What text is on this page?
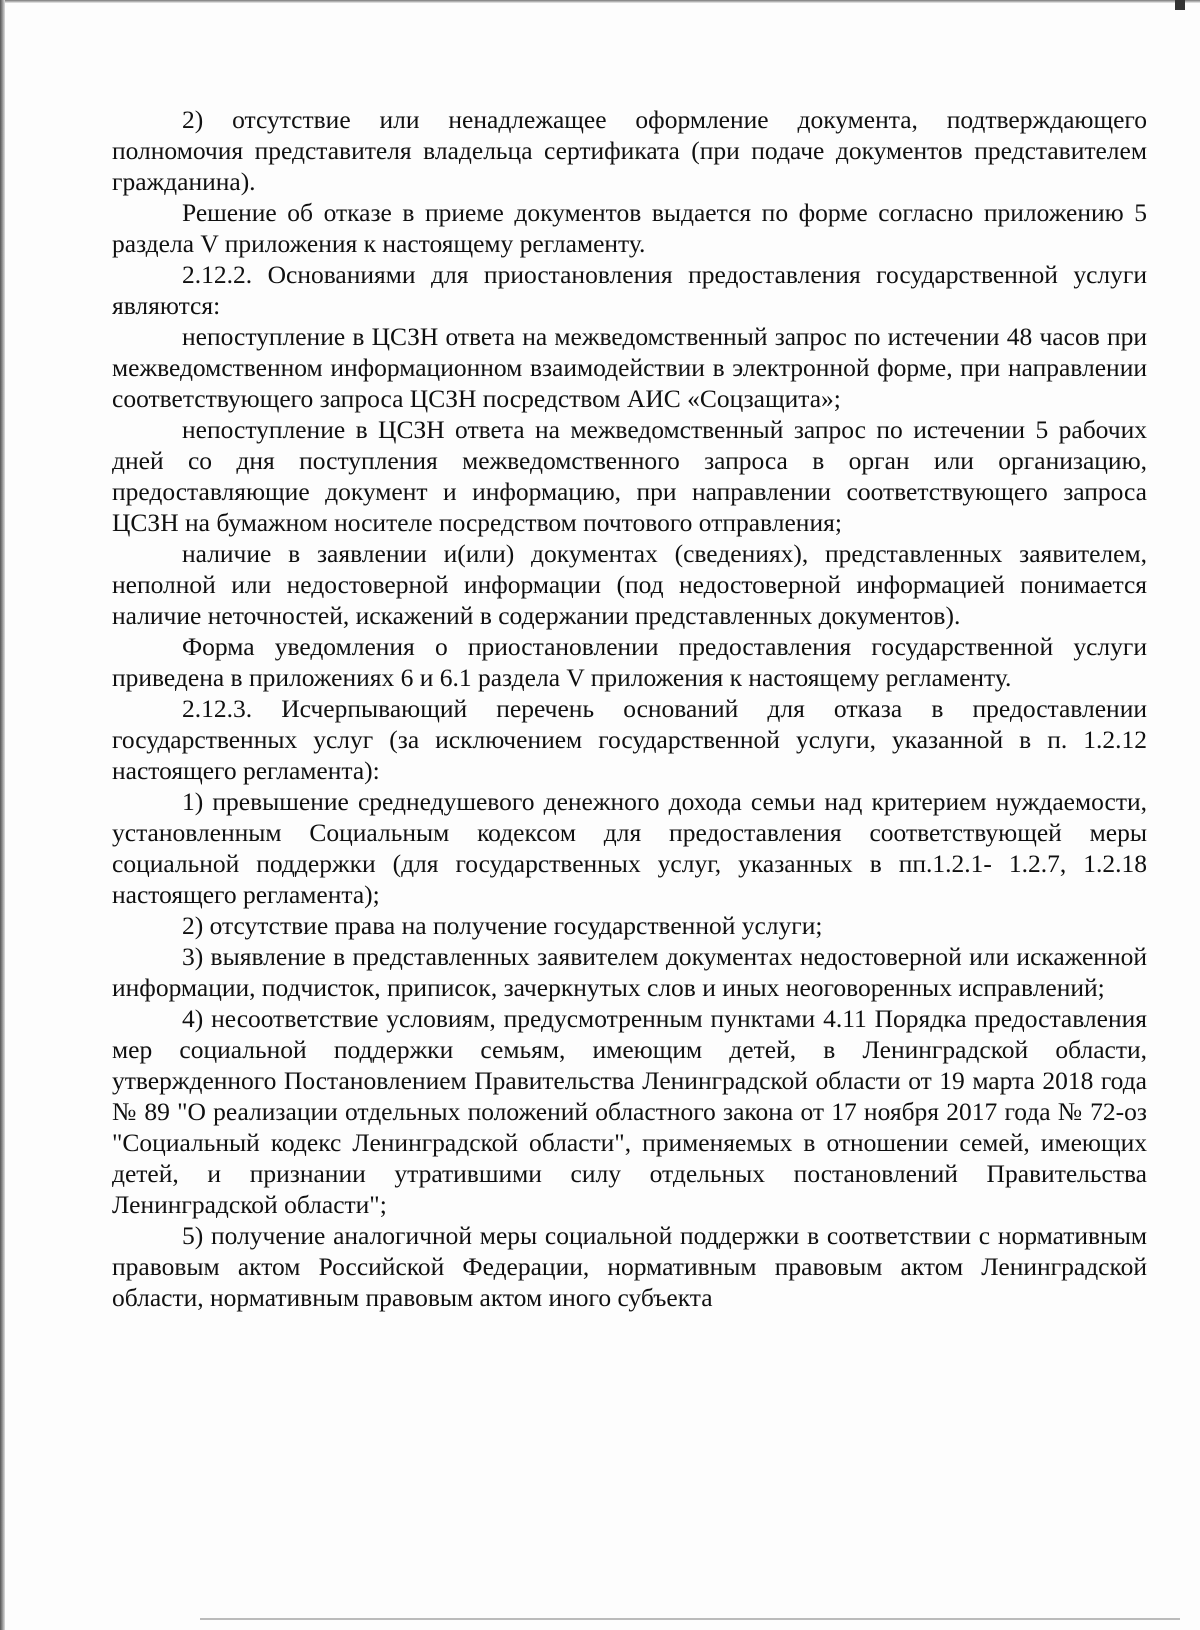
2) отсутствие или ненадлежащее оформление документа, подтверждающего полномочия представителя владельца сертификата (при подаче документов представителем гражданина).

Решение об отказе в приеме документов выдается по форме согласно приложению 5 раздела V приложения к настоящему регламенту.

2.12.2. Основаниями для приостановления предоставления государственной услуги являются:

непоступление в ЦСЗН ответа на межведомственный запрос по истечении 48 часов при межведомственном информационном взаимодействии в электронной форме, при направлении соответствующего запроса ЦСЗН посредством АИС «Соцзащита»;

непоступление в ЦСЗН ответа на межведомственный запрос по истечении 5 рабочих дней со дня поступления межведомственного запроса в орган или организацию, предоставляющие документ и информацию, при направлении соответствующего запроса ЦСЗН на бумажном носителе посредством почтового отправления;

наличие в заявлении и(или) документах (сведениях), представленных заявителем, неполной или недостоверной информации (под недостоверной информацией понимается наличие неточностей, искажений в содержании представленных документов).

Форма уведомления о приостановлении предоставления государственной услуги приведена в приложениях 6 и 6.1 раздела V приложения к настоящему регламенту.

2.12.3. Исчерпывающий перечень оснований для отказа в предоставлении государственных услуг (за исключением государственной услуги, указанной в п. 1.2.12 настоящего регламента):

1) превышение среднедушевого денежного дохода семьи над критерием нуждаемости, установленным Социальным кодексом для предоставления соответствующей меры социальной поддержки (для государственных услуг, указанных в пп.1.2.1- 1.2.7, 1.2.18 настоящего регламента);

2) отсутствие права на получение государственной услуги;

3) выявление в представленных заявителем документах недостоверной или искаженной информации, подчисток, приписок, зачеркнутых слов и иных неоговоренных исправлений;

4) несоответствие условиям, предусмотренным пунктами 4.11 Порядка предоставления мер социальной поддержки семьям, имеющим детей, в Ленинградской области, утвержденного Постановлением Правительства Ленинградской области от 19 марта 2018 года № 89 "О реализации отдельных положений областного закона от 17 ноября 2017 года № 72-оз "Социальный кодекс Ленинградской области", применяемых в отношении семей, имеющих детей, и признании утратившими силу отдельных постановлений Правительства Ленинградской области";

5) получение аналогичной меры социальной поддержки в соответствии с нормативным правовым актом Российской Федерации, нормативным правовым актом Ленинградской области, нормативным правовым актом иного субъекта
